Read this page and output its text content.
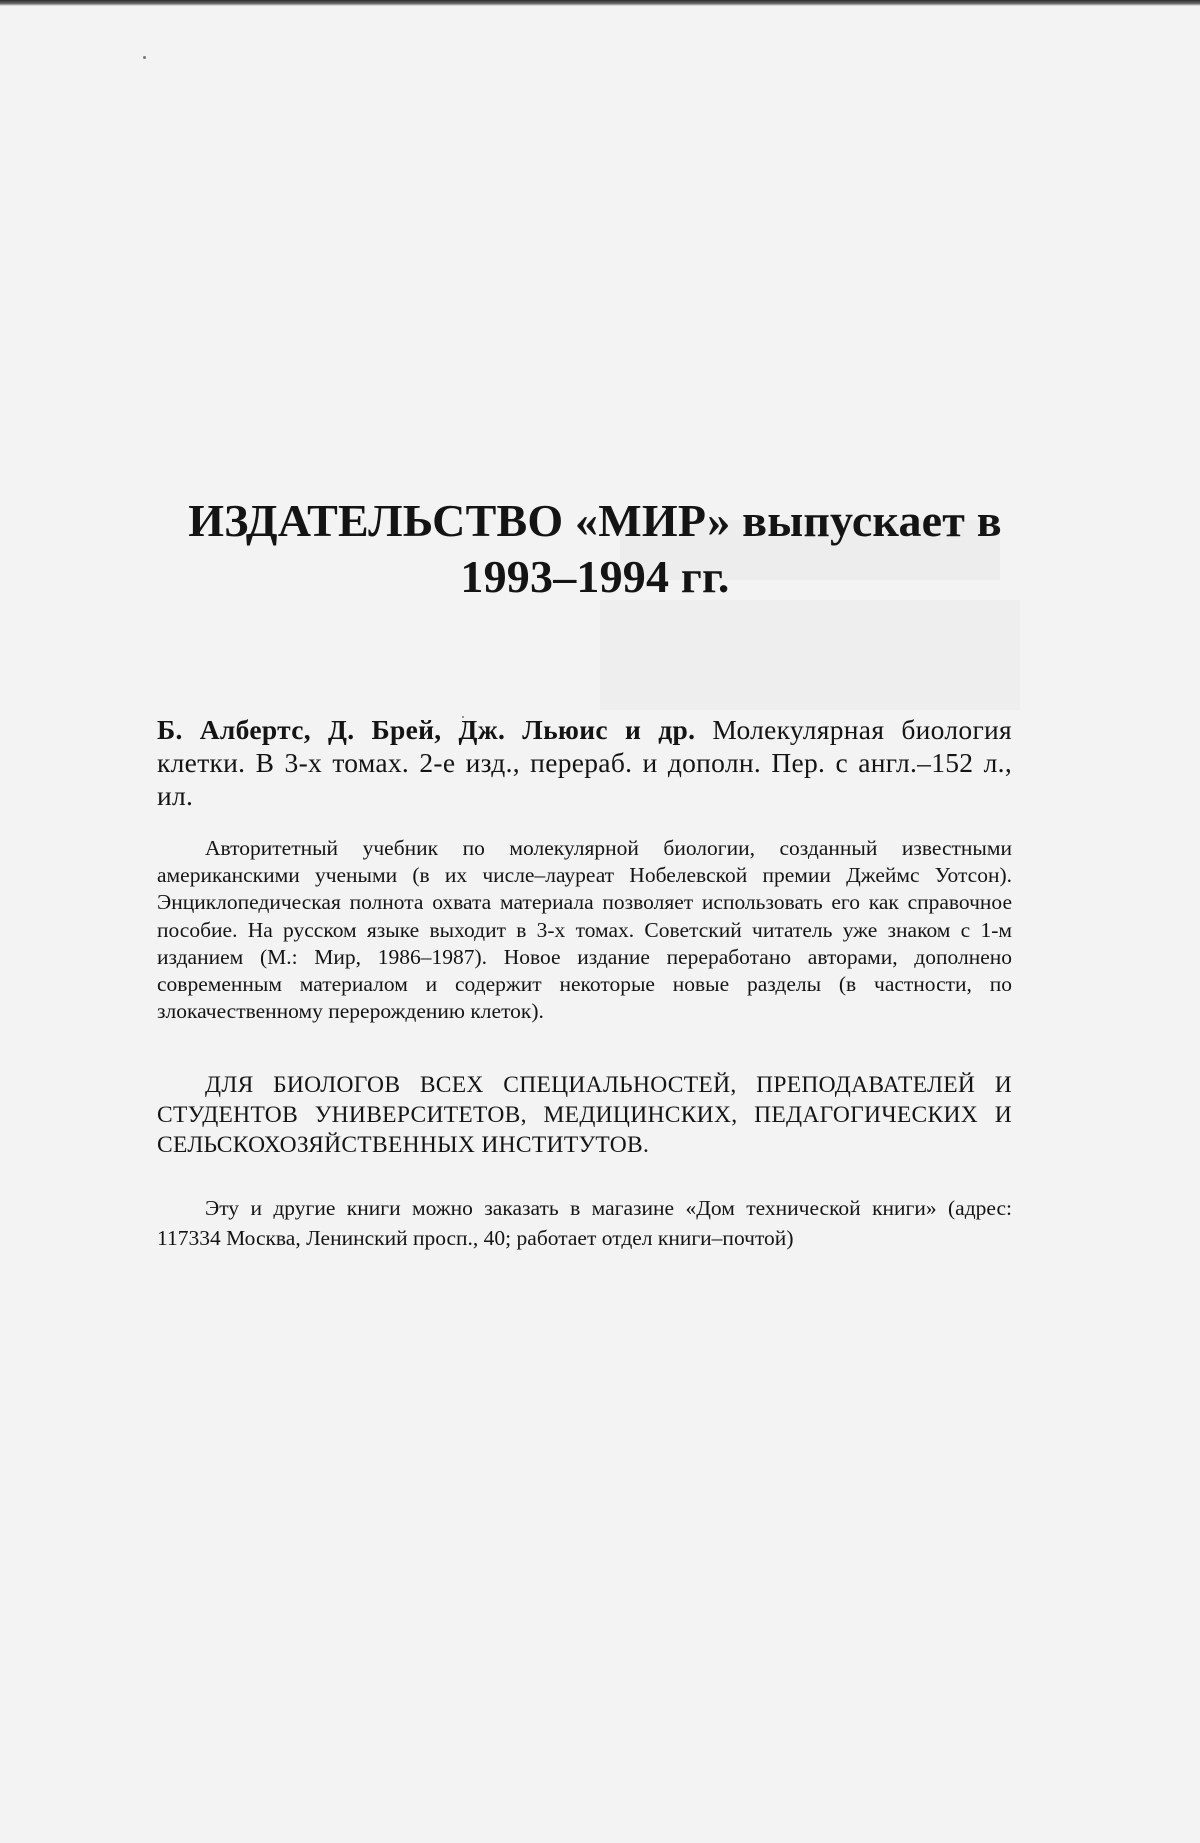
ИЗДАТЕЛЬСТВО «МИР» выпускает в
1993–1994 гг.
Б. Албертс, Д. Брей, Дж. Льюис и др. Молекулярная биология клетки. В 3-х томах. 2-е изд., перераб. и дополн. Пер. с англ.–152 л., ил.
Авторитетный учебник по молекулярной биологии, созданный известными американскими учеными (в их числе–лауреат Нобелевской премии Джеймс Уотсон). Энциклопедическая полнота охвата материала позволяет использовать его как справочное пособие. На русском языке выходит в 3-х томах. Советский читатель уже знаком с 1-м изданием (М.: Мир, 1986–1987). Новое издание переработано авторами, дополнено современным материалом и содержит некоторые новые разделы (в частности, по злокачественному перерождению клеток).
ДЛЯ БИОЛОГОВ ВСЕХ СПЕЦИАЛЬНОСТЕЙ, ПРЕПОДАВАТЕЛЕЙ И СТУДЕНТОВ УНИВЕРСИТЕТОВ, МЕДИЦИНСКИХ, ПЕДАГОГИЧЕСКИХ И СЕЛЬСКОХОЗЯЙСТВЕННЫХ ИНСТИТУТОВ.
Эту и другие книги можно заказать в магазине «Дом технической книги» (адрес: 117334 Москва, Ленинский просп., 40; работает отдел книги–почтой)
